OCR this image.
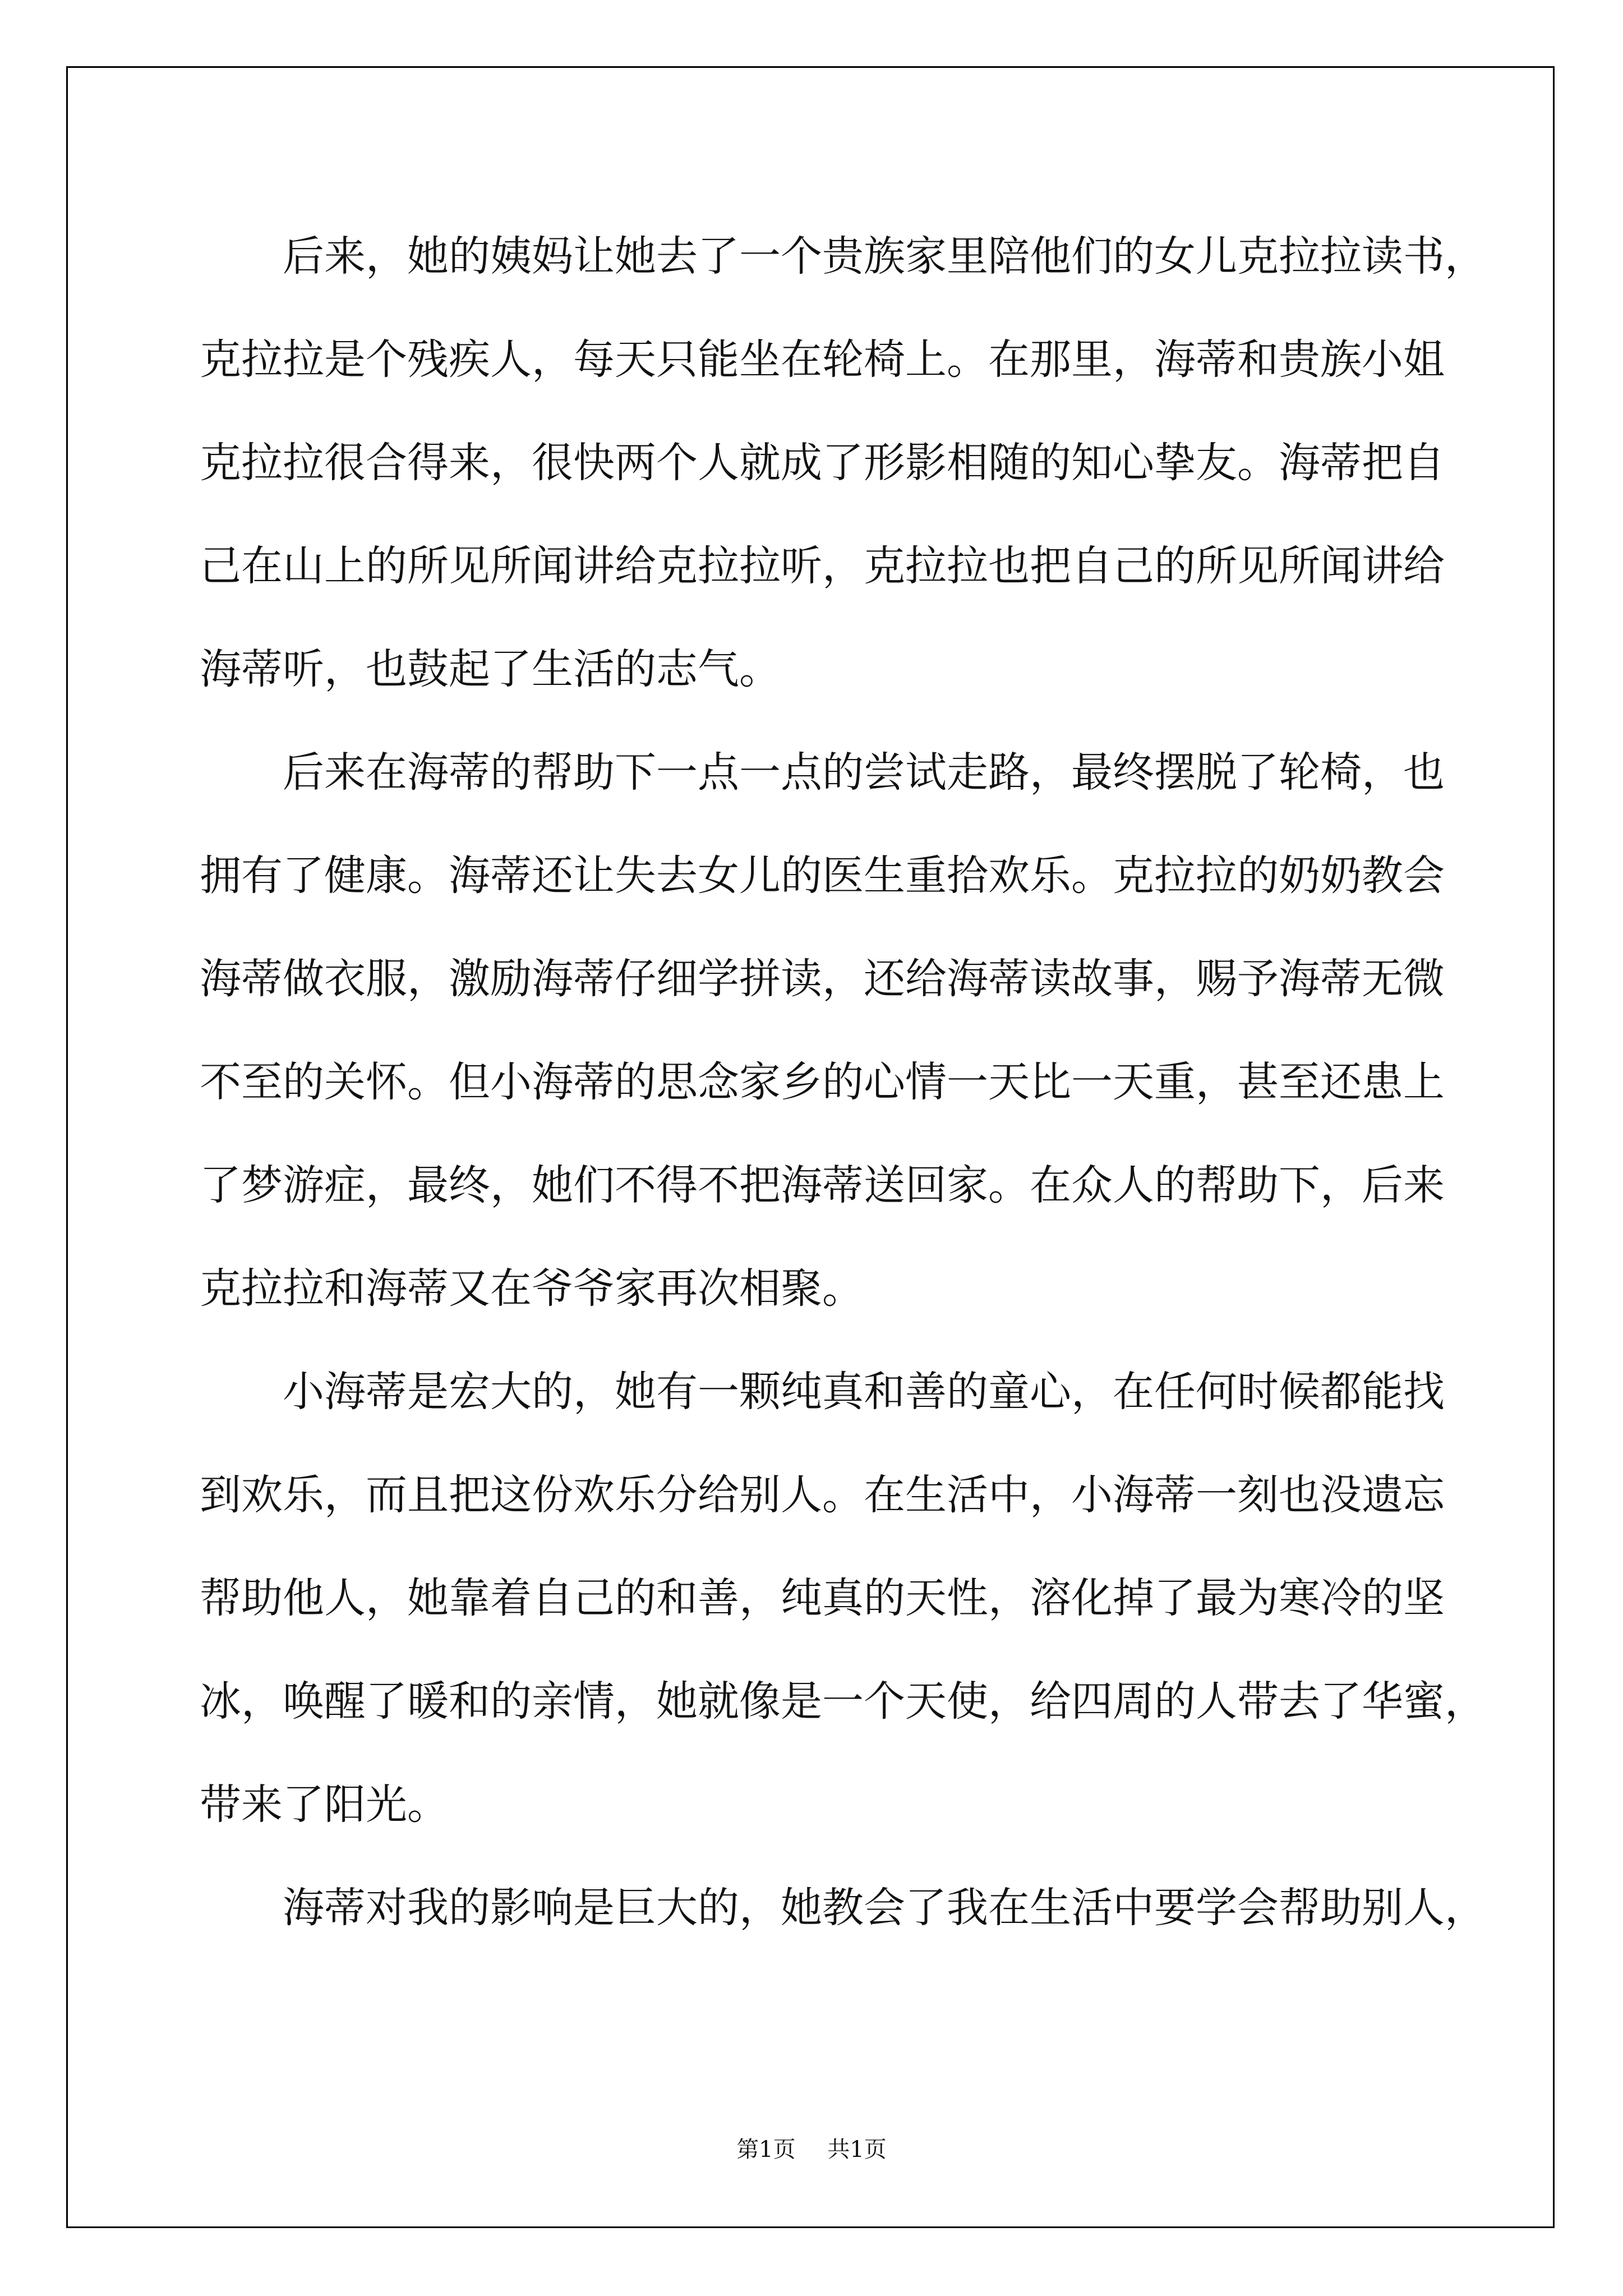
后来，她的姨妈让她去了一个贵族家里陪他们的女儿克拉拉读书，
克拉拉是个残疾人，每天只能坐在轮椅上。在那里，海蒂和贵族小姐
克拉拉很合得来，很快两个人就成了形影相随的知心挚友。海蒂把自
己在山上的所见所闻讲给克拉拉听，克拉拉也把自己的所见所闻讲给
海蒂听，也鼓起了生活的志气。
后来在海蒂的帮助下一点一点的尝试走路，最终摆脱了轮椅，也
拥有了健康。海蒂还让失去女儿的医生重拾欢乐。克拉拉的奶奶教会
海蒂做衣服，激励海蒂仔细学拼读，还给海蒂读故事，赐予海蒂无微
不至的关怀。但小海蒂的思念家乡的心情一天比一天重，甚至还患上
了梦游症，最终，她们不得不把海蒂送回家。在众人的帮助下，后来
克拉拉和海蒂又在爷爷家再次相聚。
小海蒂是宏大的，她有一颗纯真和善的童心，在任何时候都能找
到欢乐，而且把这份欢乐分给别人。在生活中，小海蒂一刻也没遗忘
帮助他人，她靠着自己的和善，纯真的天性，溶化掉了最为寒冷的坚
冰，唤醒了暖和的亲情，她就像是一个天使，给四周的人带去了华蜜，
带来了阳光。
海蒂对我的影响是巨大的，她教会了我在生活中要学会帮助别人，
第1页 共1页
